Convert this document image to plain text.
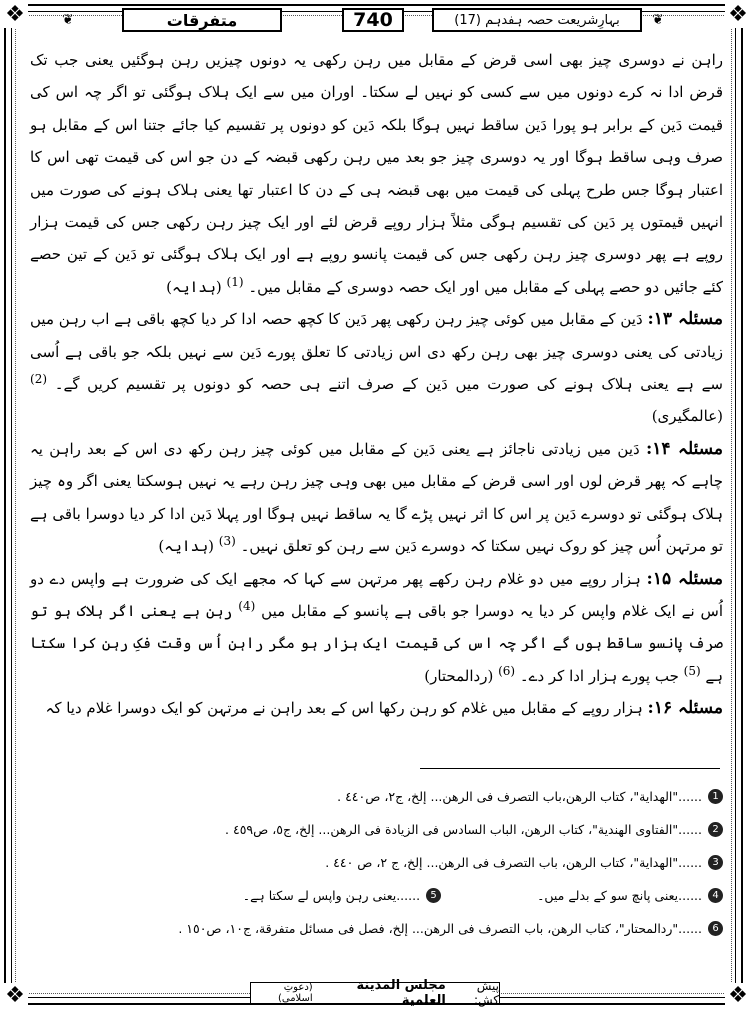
❖	❖
❖	❖
❦	متفرقات	740	بہارِشریعت حصہ ہفدہم (17)	❦

راہن نے دوسری چیز بھی اسی قرض کے مقابل میں رہن رکھی یہ دونوں چیزیں رہن ہوگئیں یعنی جب تک قرض ادا نہ کرے دونوں میں سے کسی کو نہیں لے سکتا۔ اوران میں سے ایک ہلاک ہوگئی تو اگر چہ اس کی قیمت دَین کے برابر ہو پورا دَین ساقط نہیں ہوگا بلکہ دَین کو دونوں پر تقسیم کیا جائے جتنا اس کے مقابل ہو صرف وہی ساقط ہوگا اور یہ دوسری چیز جو بعد میں رہن رکھی قبضہ کے دن جو اس کی قیمت تھی اس کا اعتبار ہوگا جس طرح پہلی کی قیمت میں بھی قبضہ ہی کے دن کا اعتبار تھا یعنی ہلاک ہونے کی صورت میں انہیں قیمتوں پر دَین کی تقسیم ہوگی مثلاً ہزار روپے قرض لئے اور ایک چیز رہن رکھی جس کی قیمت ہزار روپے ہے پھر دوسری چیز رہن رکھی جس کی قیمت پانسو روپے ہے اور ایک ہلاک ہوگئی تو دَین کے تین حصے کئے جائیں دو حصے پہلی کے مقابل میں اور ایک حصہ دوسری کے مقابل میں۔ $^{(1)}$ (ہدایہ)

مسئلہ ۱۳: دَین کے مقابل میں کوئی چیز رہن رکھی پھر دَین کا کچھ حصہ ادا کر دیا کچھ باقی ہے اب رہن میں زیادتی کی یعنی دوسری چیز بھی رہن رکھ دی اس زیادتی کا تعلق پورے دَین سے نہیں بلکہ جو باقی ہے اُسی سے ہے یعنی ہلاک ہونے کی صورت میں دَین کے صرف اتنے ہی حصہ کو دونوں پر تقسیم کریں گے۔ $^{(2)}$ (عالمگیری)

مسئلہ ۱۴: دَین میں زیادتی ناجائز ہے یعنی دَین کے مقابل میں کوئی چیز رہن رکھ دی اس کے بعد راہن یہ چاہے کہ پھر قرض لوں اور اسی قرض کے مقابل میں بھی وہی چیز رہن رہے یہ نہیں ہوسکتا یعنی اگر وہ چیز ہلاک ہوگئی تو دوسرے دَین پر اس کا اثر نہیں پڑے گا یہ ساقط نہیں ہوگا اور پہلا دَین ادا کر دیا دوسرا باقی ہے تو مرتہن اُس چیز کو روک نہیں سکتا کہ دوسرے دَین سے رہن کو تعلق نہیں۔ $^{(3)}$ (ہدایہ)

مسئلہ ۱۵: ہزار روپے میں دو غلام رہن رکھے پھر مرتہن سے کہا کہ مجھے ایک کی ضرورت ہے واپس دے دو اُس نے ایک غلام واپس کر دیا یہ دوسرا جو باقی ہے پانسو کے مقابل میں $^{(4)}$ رہن ہے یعنی اگر ہلاک ہو تو صرف پانسو ساقط ہوں گے اگر چہ اس کی قیمت ایک ہزار ہو مگر راہن اُس وقت فکِ رہن کرا سکتا ہے $^{(5)}$ جب پورے ہزار ادا کر دے۔ $^{(6)}$ (ردالمحتار)

مسئلہ ۱۶: ہزار روپے کے مقابل میں غلام کو رہن رکھا اس کے بعد راہن نے مرتہن کو ایک دوسرا غلام دیا کہ

1
......"الهداية"، كتاب الرهن،باب التصرف فى الرهن... إلخ، ج٢، ص٤٤٠ .
2
......"الفتاوى الهندية"، كتاب الرهن، الباب السادس فى الزيادة فى الرهن... إلخ، ج٥، ص٤٥٩ .
3
......"الهداية"، كتاب الرهن، باب التصرف فى الرهن... إلخ، ج ٢، ص ٤٤٠ .
4
......یعنی پانچ سو کے بدلے میں۔
5
......یعنی رہن واپس لے سکتا ہے۔
6
......"ردالمحتار"، كتاب الرهن، باب التصرف فى الرهن... إلخ، فصل فى مسائل متفرقة، ج١٠، ص١٥٠ .
پیش کش:
مجلس المدينة العلمية
(دعوتِ اسلامی)
